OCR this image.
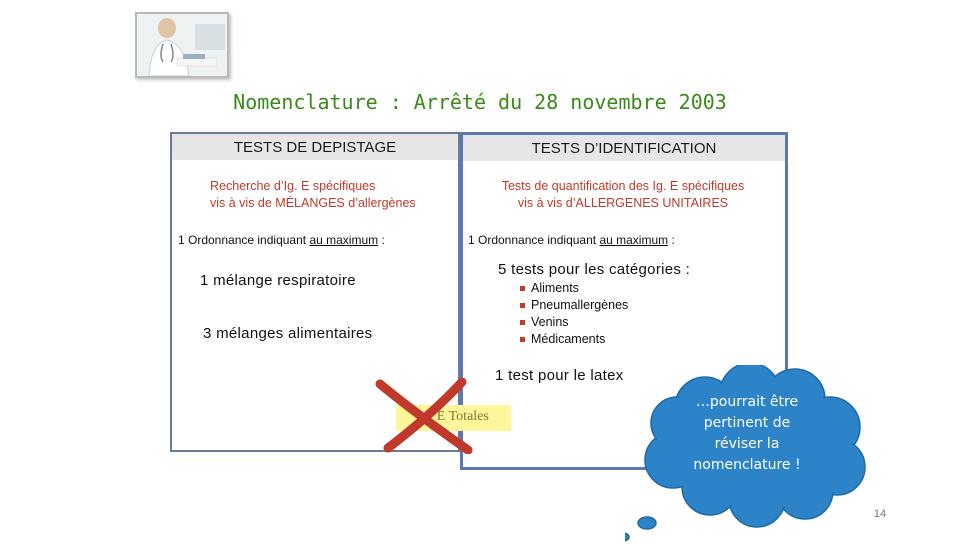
Nomenclature : Arrêté du 28 novembre 2003
TESTS DE DEPISTAGE
Recherche d’Ig. E spécifiques
vis à vis de MÉLANGES d’allergènes
1 Ordonnance indiquant au maximum :
1 mélange respiratoire
3 mélanges alimentaires
TESTS D’IDENTIFICATION
Tests de quantification des Ig. E spécifiques
vis à vis d’ALLERGENES UNITAIRES
1 Ordonnance indiquant au maximum :
5 tests pour les catégories :
Aliments
Pneumallergènes
Venins
Médicaments
1 test pour le latex
Ig. E Totales
…pourrait être
pertinent de
réviser la
nomenclature !
14
